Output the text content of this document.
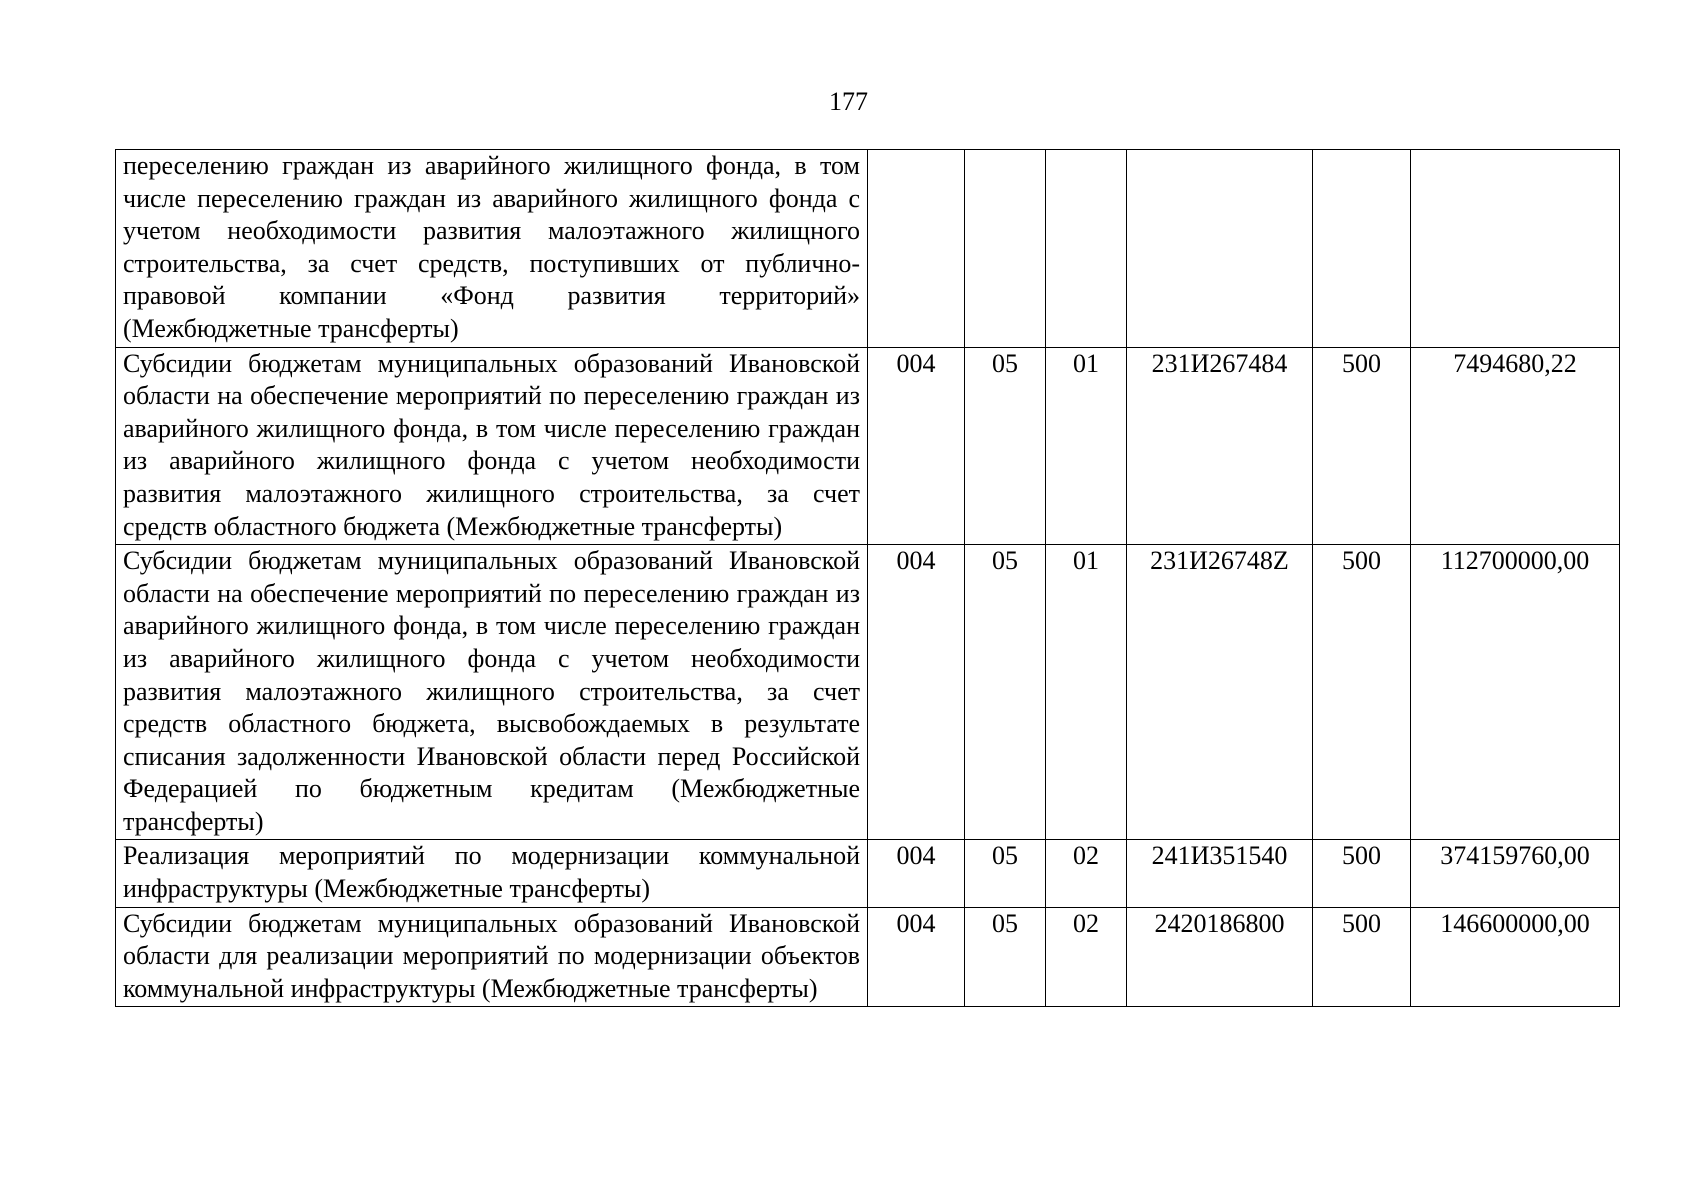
177
переселению граждан из аварийного жилищного фонда, в том числе переселению граждан из аварийного жилищного фонда с учетом необходимости развития малоэтажного жилищного строительства, за счет средств, поступивших от публично-правовой компании «Фонд развития территорий» (Межбюджетные трансферты)						
Субсидии бюджетам муниципальных образований Ивановской области на обеспечение мероприятий по переселению граждан из аварийного жилищного фонда, в том числе переселению граждан из аварийного жилищного фонда с учетом необходимости развития малоэтажного жилищного строительства, за счет средств областного бюджета (Межбюджетные трансферты)	004	05	01	231И267484	500	7494680,22
Субсидии бюджетам муниципальных образований Ивановской области на обеспечение мероприятий по переселению граждан из аварийного жилищного фонда, в том числе переселению граждан из аварийного жилищного фонда с учетом необходимости развития малоэтажного жилищного строительства, за счет средств областного бюджета, высвобождаемых в результате списания задолженности Ивановской области перед Российской Федерацией по бюджетным кредитам (Межбюджетные трансферты)	004	05	01	231И26748Z	500	112700000,00
Реализация мероприятий по модернизации коммунальной инфраструктуры (Межбюджетные трансферты)	004	05	02	241И351540	500	374159760,00
Субсидии бюджетам муниципальных образований Ивановской области для реализации мероприятий по модернизации объектов коммунальной инфраструктуры (Межбюджетные трансферты)	004	05	02	2420186800	500	146600000,00
